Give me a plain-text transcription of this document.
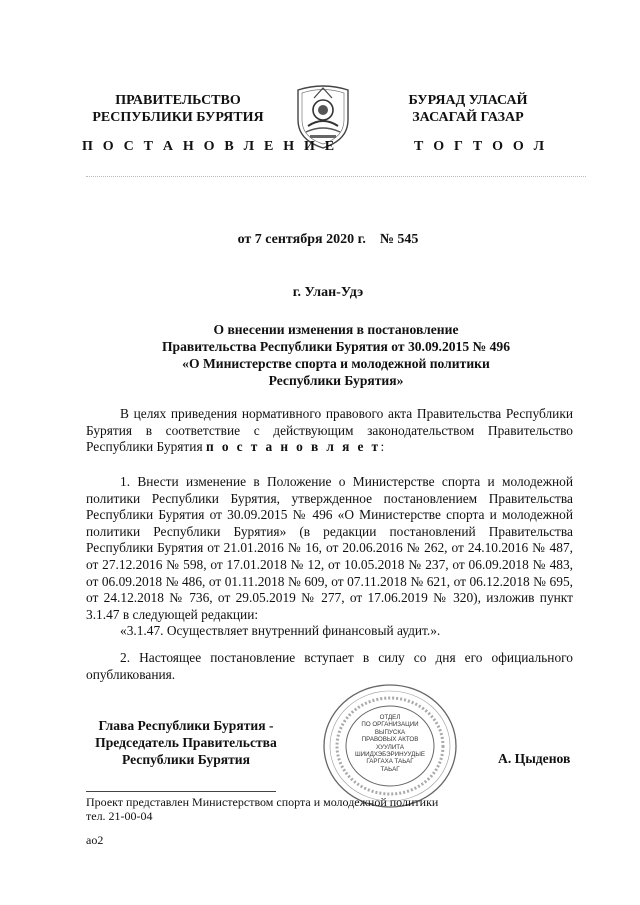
ПРАВИТЕЛЬСТВО
РЕСПУБЛИКИ БУРЯТИЯ
БУРЯАД УЛАСАЙ
ЗАСАГАЙ ГАЗАР
П О С Т А Н О В Л Е Н И Е	Т О Г Т О О Л
от 7 сентября 2020 г.    № 545
г. Улан-Удэ
О внесении изменения в постановление
Правительства Республики Бурятия от 30.09.2015 № 496
«О Министерстве спорта и молодежной политики
Республики Бурятия»

В целях приведения нормативного правового акта Правительства Республики Бурятия в соответствие с действующим законодательством Правительство Республики Бурятия п о с т а н о в л я е т:

1. Внести изменение в Положение о Министерстве спорта и молодежной политики Республики Бурятия, утвержденное постановлением Правительства Республики Бурятия от 30.09.2015 № 496 «О Министерстве спорта и молодежной политики Республики Бурятия» (в редакции постановлений Правительства Республики Бурятия от 21.01.2016 № 16, от 20.06.2016 № 262, от 24.10.2016 № 487, от 27.12.2016 № 598, от 17.01.2018 № 12, от 10.05.2018 № 237, от 06.09.2018 № 483, от 06.09.2018 № 486, от 01.11.2018 № 609, от 07.11.2018 № 621, от 06.12.2018 № 695, от 24.12.2018 № 736, от 29.05.2019 № 277, от 17.06.2019 № 320), изложив пункт 3.1.47 в следующей редакции:

«3.1.47. Осуществляет внутренний финансовый аудит.».

2. Настоящее постановление вступает в силу со дня его официального опубликования.

ОТДЕЛ
ПО ОРГАНИЗАЦИИ
ВЫПУСКА
ПРАВОВЫХ АКТОВ
ХУУЛИТА
ШИИДХЭБЭРИНУУДЫЕ
ГАРГАХА ТАЬАГ
ТАЬАГ
Глава Республики Бурятия -
Председатель Правительства
Республики Бурятия	А. Цыденов
Проект представлен Министерством спорта и молодежной политики
тел. 21-00-04
ао2
